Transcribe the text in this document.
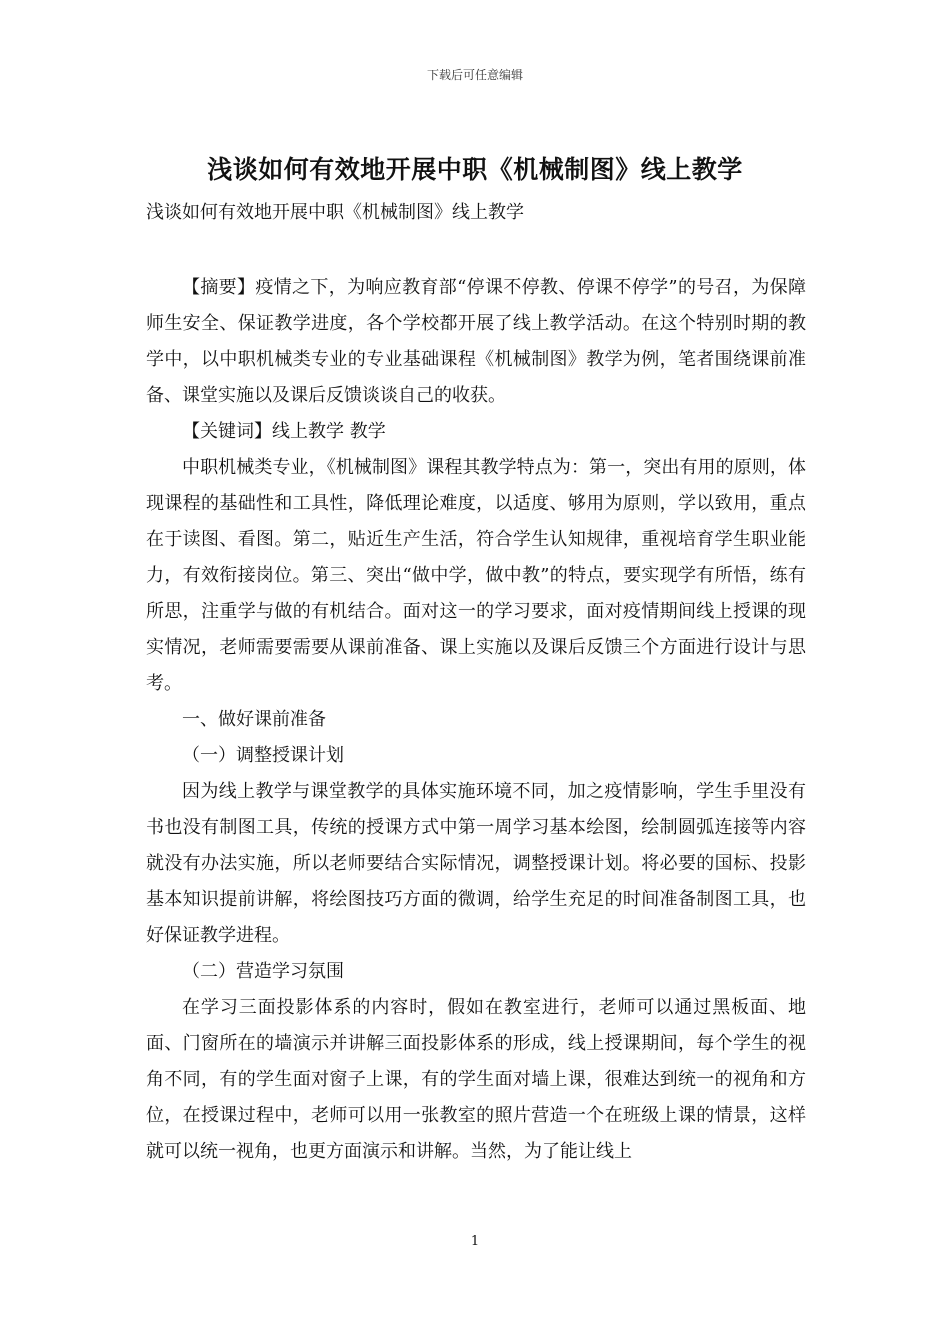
下载后可任意编辑
浅谈如何有效地开展中职《机械制图》线上教学
浅谈如何有效地开展中职《机械制图》线上教学

【摘要】疫情之下，为响应教育部“停课不停教、停课不停学”的号召，为保障师生安全、保证教学进度，各个学校都开展了线上教学活动。在这个特别时期的教学中，以中职机械类专业的专业基础课程《机械制图》教学为例，笔者围绕课前准备、课堂实施以及课后反馈谈谈自己的收获。

【关键词】线上教学 教学

中职机械类专业，《机械制图》课程其教学特点为：第一，突出有用的原则，体现课程的基础性和工具性，降低理论难度，以适度、够用为原则，学以致用，重点在于读图、看图。第二，贴近生产生活，符合学生认知规律，重视培育学生职业能力，有效衔接岗位。第三、突出“做中学，做中教”的特点，要实现学有所悟，练有所思，注重学与做的有机结合。面对这一的学习要求，面对疫情期间线上授课的现实情况，老师需要需要从课前准备、课上实施以及课后反馈三个方面进行设计与思考。

一、做好课前准备

（一）调整授课计划

因为线上教学与课堂教学的具体实施环境不同，加之疫情影响，学生手里没有书也没有制图工具，传统的授课方式中第一周学习基本绘图，绘制圆弧连接等内容就没有办法实施，所以老师要结合实际情况，调整授课计划。将必要的国标、投影基本知识提前讲解，将绘图技巧方面的微调，给学生充足的时间准备制图工具，也好保证教学进程。

（二）营造学习氛围

在学习三面投影体系的内容时，假如在教室进行，老师可以通过黑板面、地面、门窗所在的墙演示并讲解三面投影体系的形成，线上授课期间，每个学生的视角不同，有的学生面对窗子上课，有的学生面对墙上课，很难达到统一的视角和方位，在授课过程中，老师可以用一张教室的照片营造一个在班级上课的情景，这样就可以统一视角，也更方面演示和讲解。当然，为了能让线上

1
